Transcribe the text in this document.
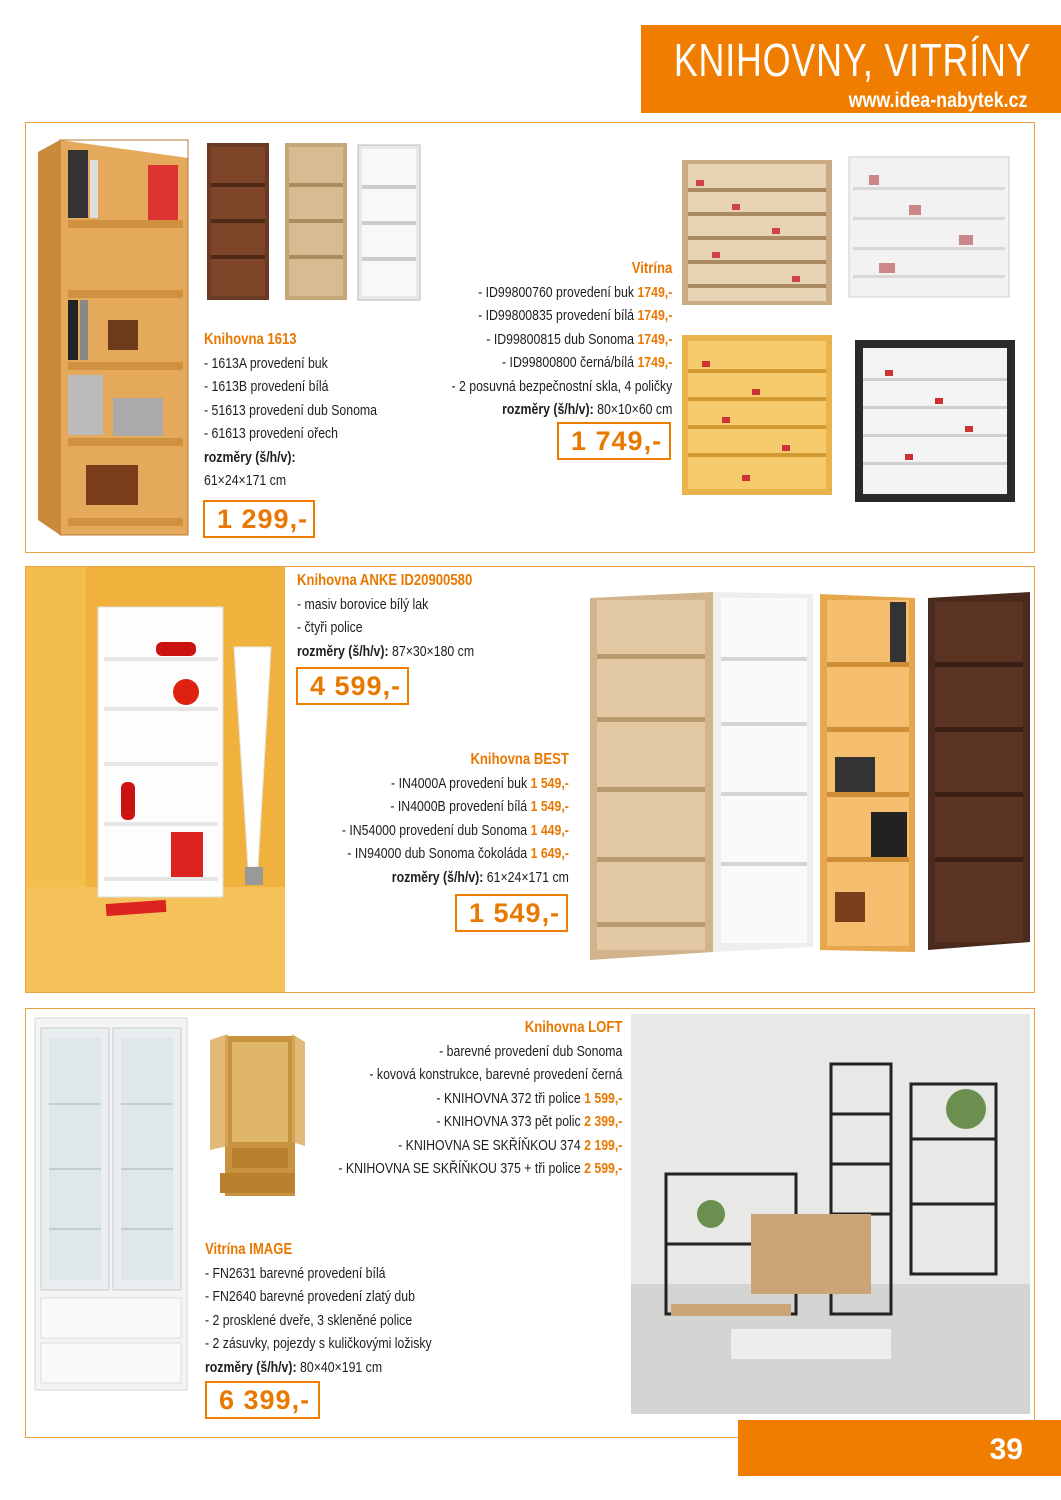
KNIHOVNY, VITRÍNY
www.idea-nabytek.cz
Knihovna 1613
- 1613A provedení buk
- 1613B provedení bílá
- 51613 provedení dub Sonoma
- 61613 provedení ořech
rozměry (š/h/v):
61×24×171 cm
1 299,-
Vitrína
- ID99800760 provedení buk 1749,-
- ID99800835 provedení bílá 1749,-
- ID99800815 dub Sonoma 1749,-
- ID99800800 černá/bílá 1749,-
- 2 posuvná bezpečnostní skla, 4 poličky
rozměry (š/h/v): 80×10×60 cm
1 749,-
Knihovna ANKE ID20900580
- masiv borovice bílý lak
- čtyři police
rozměry (š/h/v): 87×30×180 cm
4 599,-
Knihovna BEST
- IN4000A provedení buk 1 549,-
- IN4000B provedení bílá 1 549,-
- IN54000 provedení dub Sonoma 1 449,-
- IN94000 dub Sonoma čokoláda 1 649,-
rozměry (š/h/v): 61×24×171 cm
1 549,-
Knihovna LOFT
- barevné provedení dub Sonoma
- kovová konstrukce, barevné provedení černá
- KNIHOVNA 372 tři police 1 599,-
- KNIHOVNA 373 pět polic 2 399,-
- KNIHOVNA SE SKŘÍŇKOU 374 2 199,-
- KNIHOVNA SE SKŘÍŇKOU 375 + tři police 2 599,-
Vitrína IMAGE
- FN2631 barevné provedení bílá
- FN2640 barevné provedení zlatý dub
- 2 prosklené dveře, 3 skleněné police
- 2 zásuvky, pojezdy s kuličkovými ložisky
rozměry (š/h/v): 80×40×191 cm
6 399,-
39
